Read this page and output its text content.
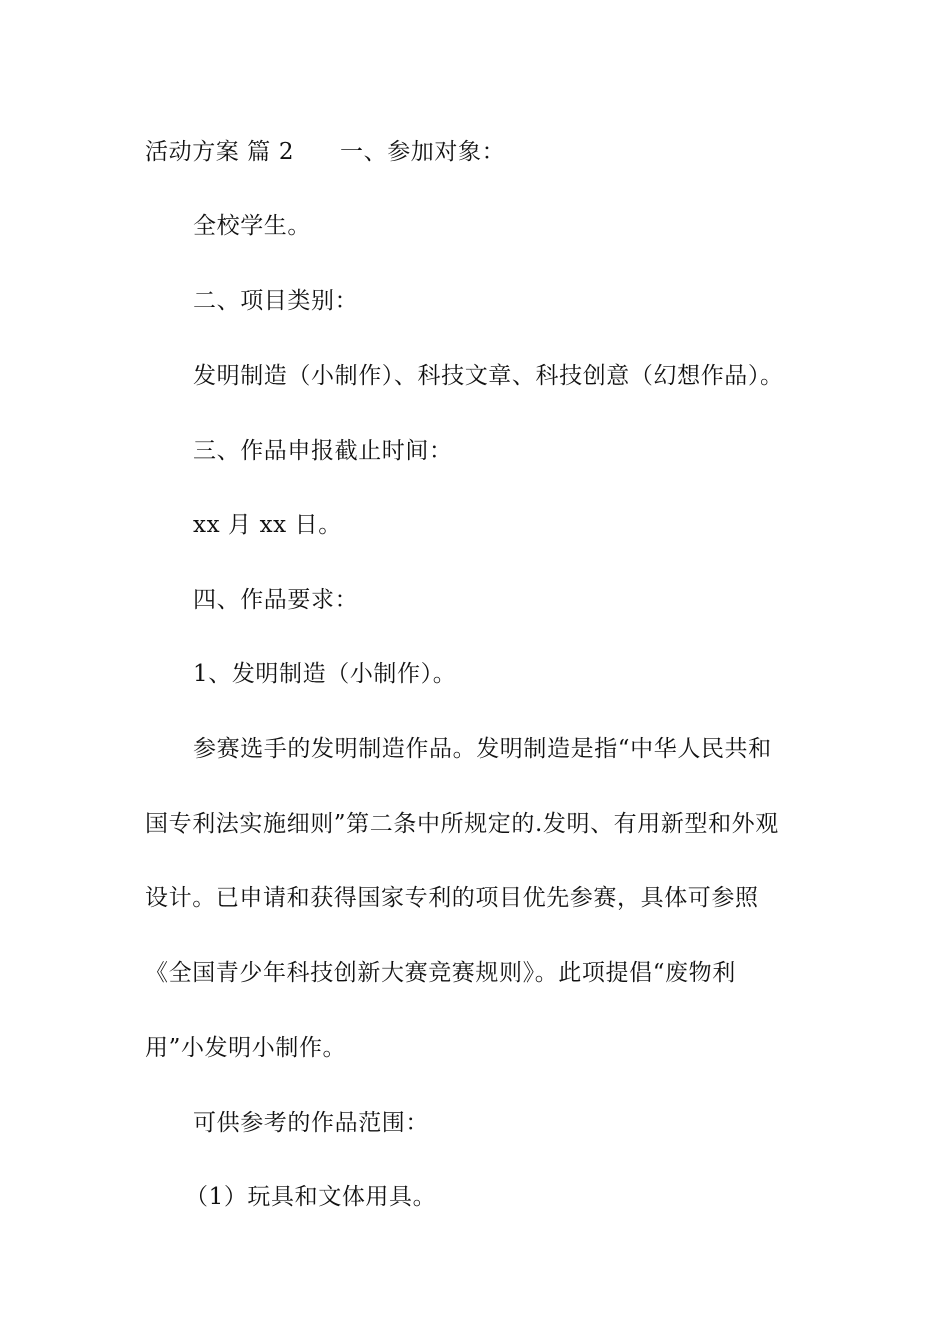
活动方案 篇 2 一、参加对象：
全校学生。
二、项目类别：
发明制造（小制作）、科技文章、科技创意（幻想作品）。
三、作品申报截止时间：
xx 月 xx 日。
四、作品要求：
1、发明制造（小制作）。
参赛选手的发明制造作品。发明制造是指“中华人民共和
国专利法实施细则”第二条中所规定的.发明、有用新型和外观
设计。已申请和获得国家专利的项目优先参赛，具体可参照
《全国青少年科技创新大赛竞赛规则》。此项提倡“废物利
用”小发明小制作。
可供参考的作品范围：
（1）玩具和文体用具。
